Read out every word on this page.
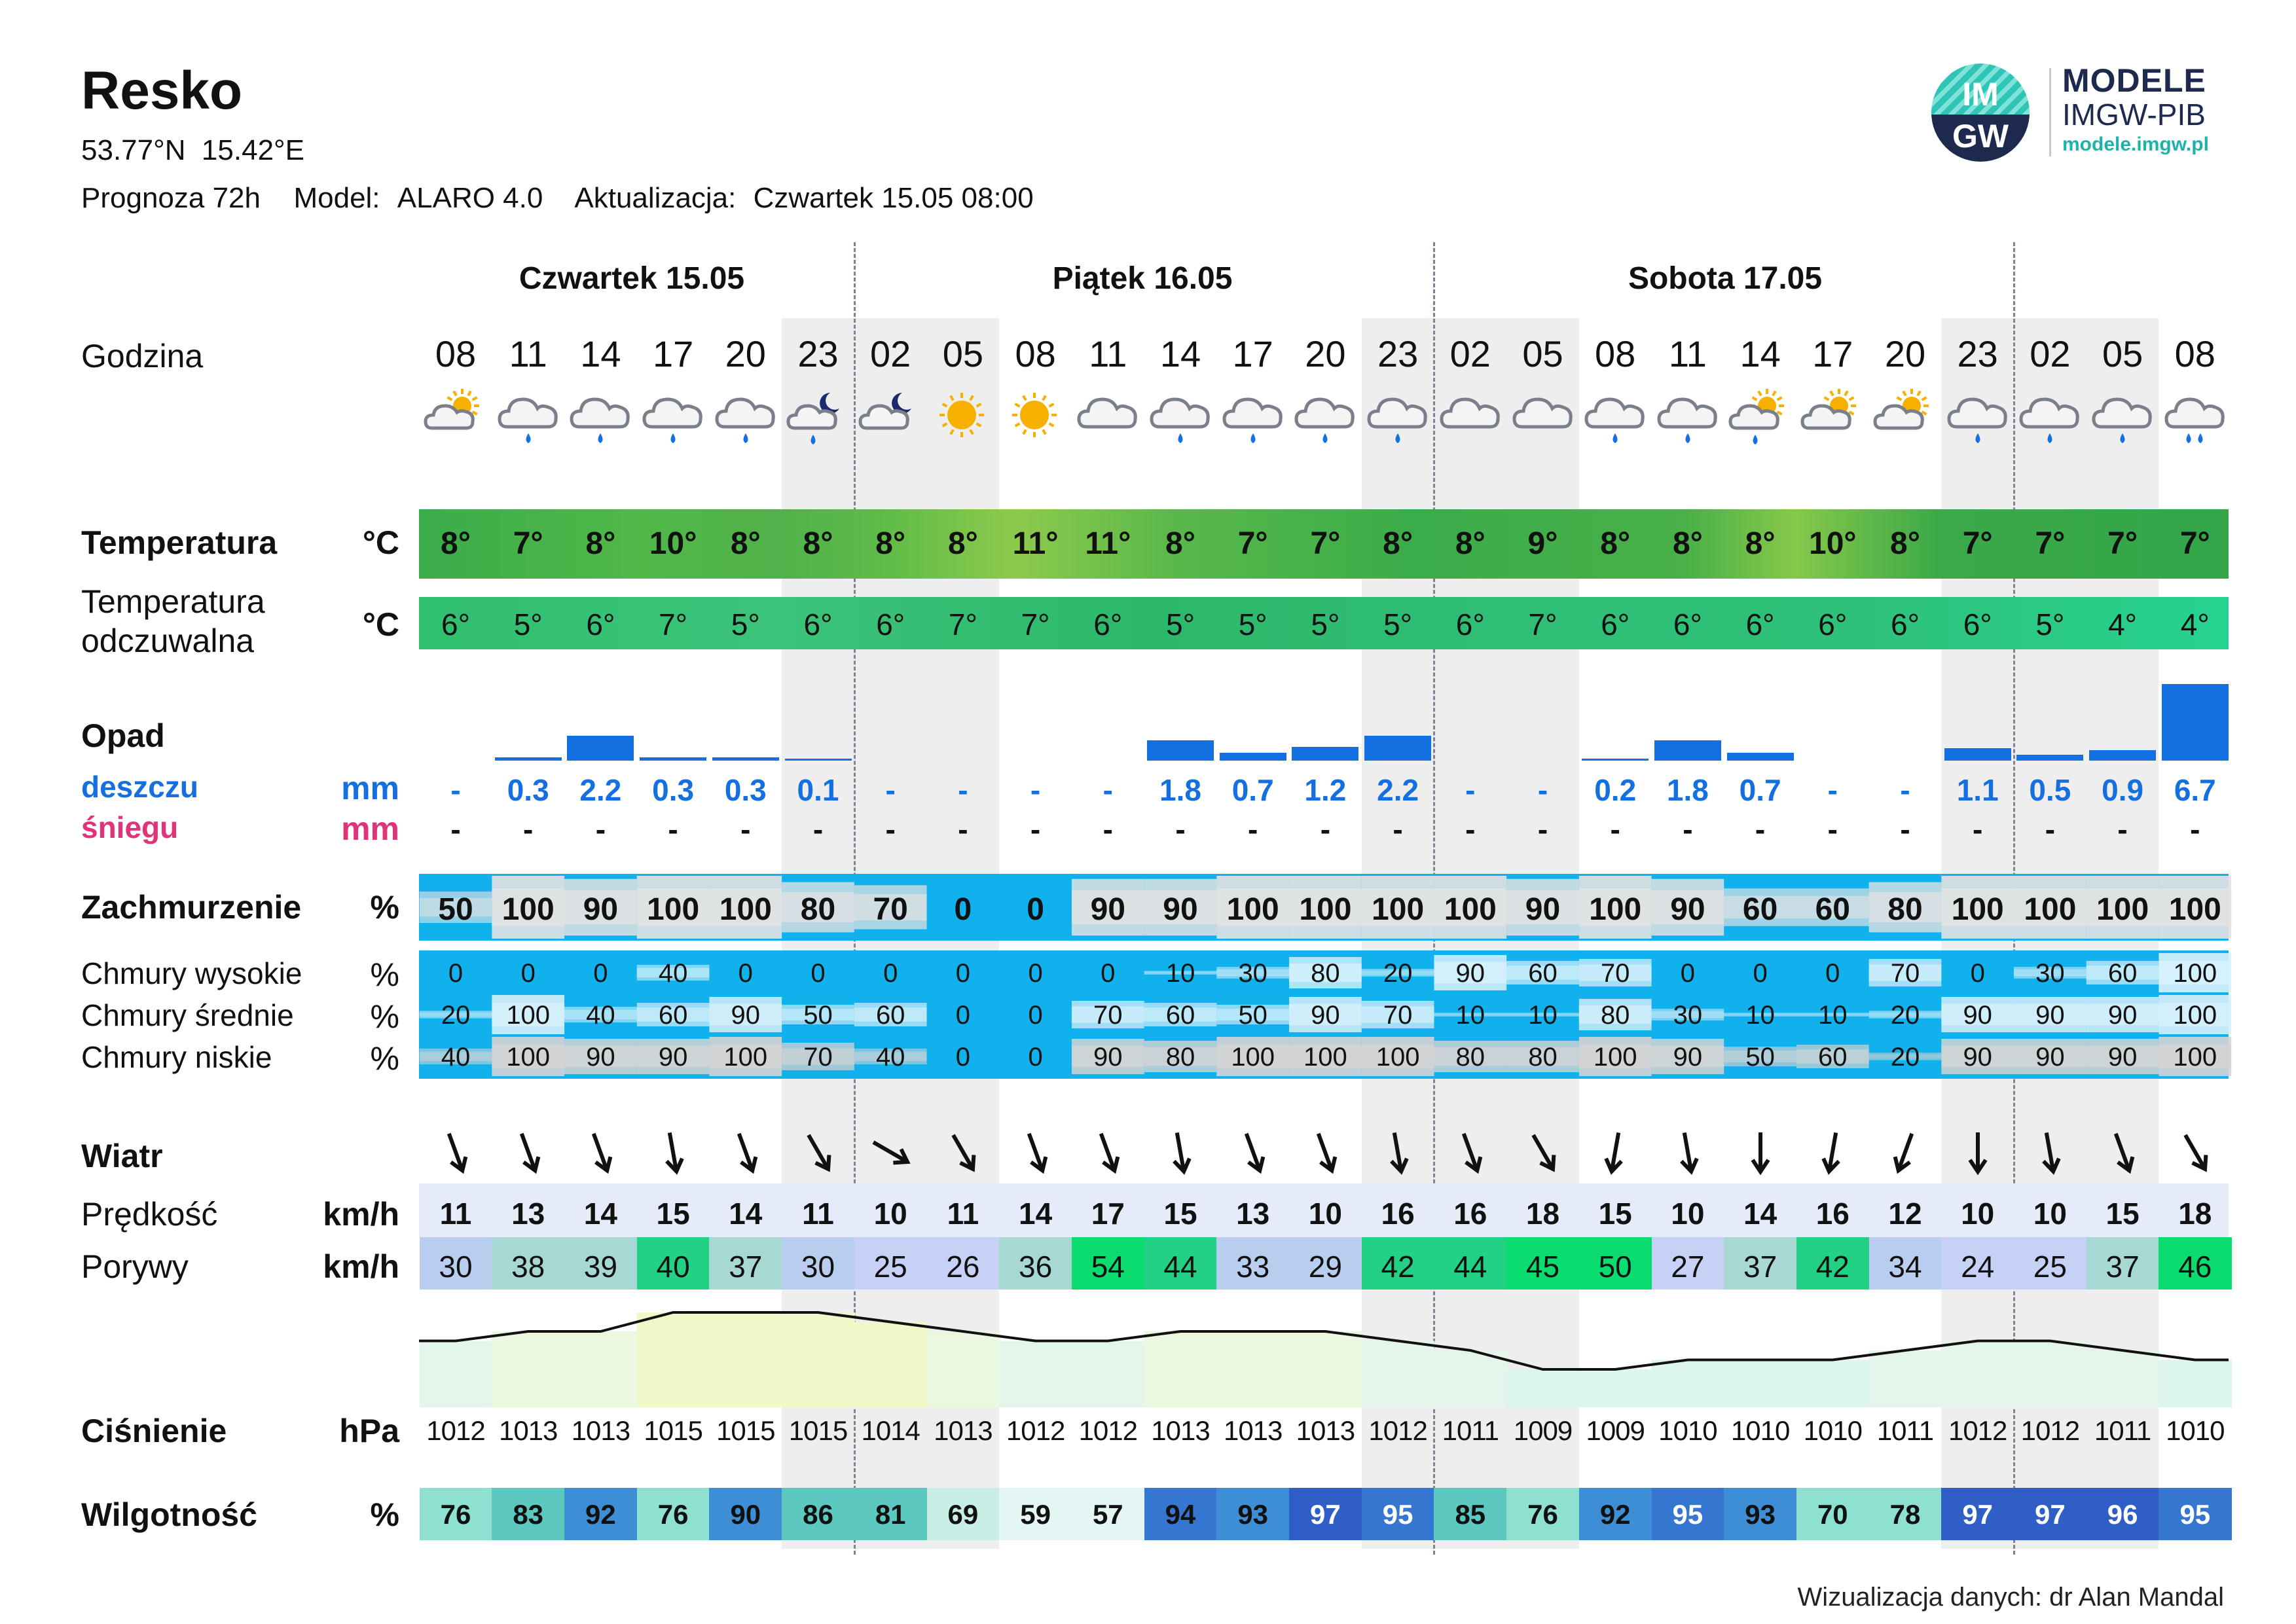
Resko
53.77°N  15.42°E
Prognoza 72h Model: ALARO 4.0 Aktualizacja: Czwartek 15.05 08:00
IM
GW
MODELE
IMGW-PIB
modele.imgw.pl
Czwartek 15.05	Piątek 16.05	Sobota 17.05
Godzina	08 11 14 17 20 23 02 05 08 11 14 17 20 23 02 05 08 11 14 17 20 23 02 05 08
Temperatura	°C	8°	7°	8°	10°	8°	8°	8°	8°	11° 11°	8°	7°	7°	8°	8°	9°	8°	8°	8°	10°	8°	7°	7°	7°	7°
Temperatura
odczuwalna	°C	6°	5°	6°	7°	5°	6°	6°	7°	7°	6°	5°	5°	5°	5°	6°	7°	6°	6°	6°	6°	6°	6°	5°	4°	4°
Opad
deszczu	mm
śniegu	mm
-	0.3	2.2	0.3	0.3	0.1	-	-	-	-	1.8	0.7	1.2	2.2	-	-	0.2	1.8	0.7	-	-	1.1	0.5	0.9	6.7
-	-	-	-	-	-	-	-	-	-	-	-	-	-	-	-	-	-	-	-	-	-	-	-	-
Zachmurzenie	%	50 100 90 100 100 80	70	0	0	90	90 100 100 100 100 90 100 90	60	60	80 100 100 100 100
Chmury wysokie	%
Chmury średnie	%
Chmury niskie	%
0	0	0	40	0	0	0	0	0	0	10	30	80	20	90	60	70	0	0	0	70	0	30	60	100
20	100	40	60	90	50	60	0	0	70	60	50	90	70	10	10	80	30	10	10	20	90	90	90	100
40	100	90	90	100	70	40	0	0	90	80	100	100	100	80	80	100	90	50	60	20	90	90	90	100
Wiatr
Prędkość	km/h	11	13	14	15	14	11	10	11	14	17	15	13	10	16	16	18	15	10	14	16	12	10	10	15	18
Porywy	km/h	30	38	39	40	37	30	25	26	36	54	44	33	29	42	44	45	50	27	37	42	34	24	25	37	46
Ciśnienie	hPa 1012 1013 1013 1015 1015 1015 1014 1013 1012 1012 1013 1013 1013 1012 1011 1009 1009 1010 1010 1010 1011 1012 1012 1011 1010
Wilgotność	%	76	83	92	76	90	86	81	69	59	57	94	93	97	95	85	76	92	95	93	70	78	97	97	96	95
Wizualizacja danych: dr Alan Mandal
